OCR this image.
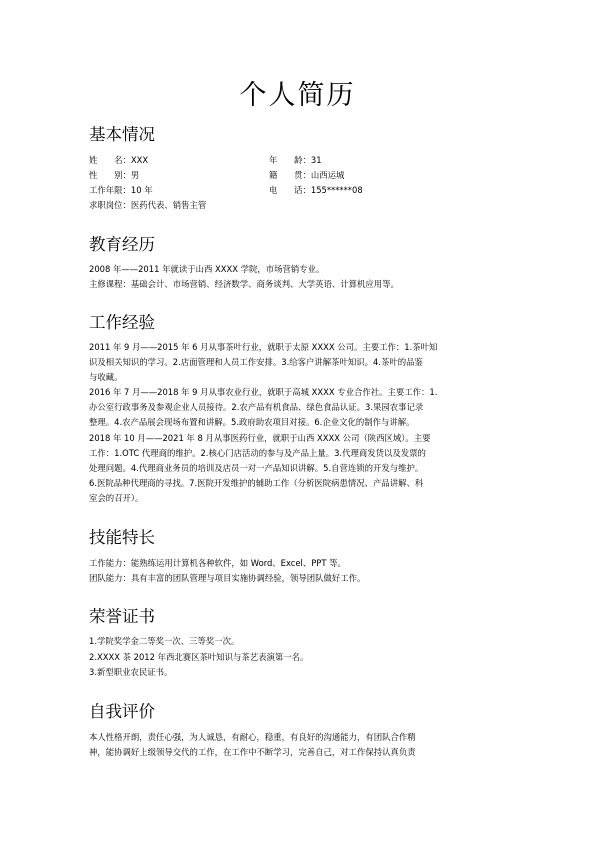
个人简历
基本情况
姓　　名：XXX	年　　龄：31
性　　别：男	籍　　贯：山西运城
工作年限：10 年	电　　话：155******08
求职岗位：医药代表、销售主管
教育经历
2008 年——2011 年就读于山西 XXXX 学院，市场营销专业。
主修课程：基础会计、市场营销、经济数学、商务谈判、大学英语、计算机应用等。
工作经验
2011 年 9 月——2015 年 6 月从事茶叶行业，就职于太原 XXXX 公司。主要工作：1.茶叶知
识及相关知识的学习。2.店面管理和人员工作安排。3.给客户讲解茶叶知识。4.茶叶的品鉴
与收藏。
2016 年 7 月——2018 年 9 月从事农业行业，就职于高城 XXXX 专业合作社。主要工作：1.
办公室行政事务及参观企业人员接待。2.农产品有机食品、绿色食品认证。3.果园农事记录
整理。4.农产品展会现场布置和讲解。5.政府助农项目对接。6.企业文化的制作与讲解。
2018 年 10 月——2021 年 8 月从事医药行业，就职于山西 XXXX 公司（陕西区域）。主要
工作：1.OTC 代理商的维护。2.核心门店活动的参与及产品上量。3.代理商发货以及发票的
处理问题。4.代理商业务员的培训及店员一对一产品知识讲解。5.自营连锁的开发与维护。
6.医院品种代理商的寻找。7.医院开发维护的辅助工作（分析医院病患情况、产品讲解、科
室会的召开）。
技能特长
工作能力：能熟练运用计算机各种软件，如 Word、Excel、PPT 等。
团队能力：具有丰富的团队管理与项目实施协调经验，领导团队做好工作。
荣誉证书
1.学院奖学金二等奖一次、三等奖一次。
2.XXXX 茶 2012 年西北赛区茶叶知识与茶艺表演第一名。
3.新型职业农民证书。
自我评价
本人性格开朗，责任心强，为人诚恳，有耐心，稳重，有良好的沟通能力，有团队合作精
神，能协调好上级领导交代的工作，在工作中不断学习，完善自己，对工作保持认真负责
